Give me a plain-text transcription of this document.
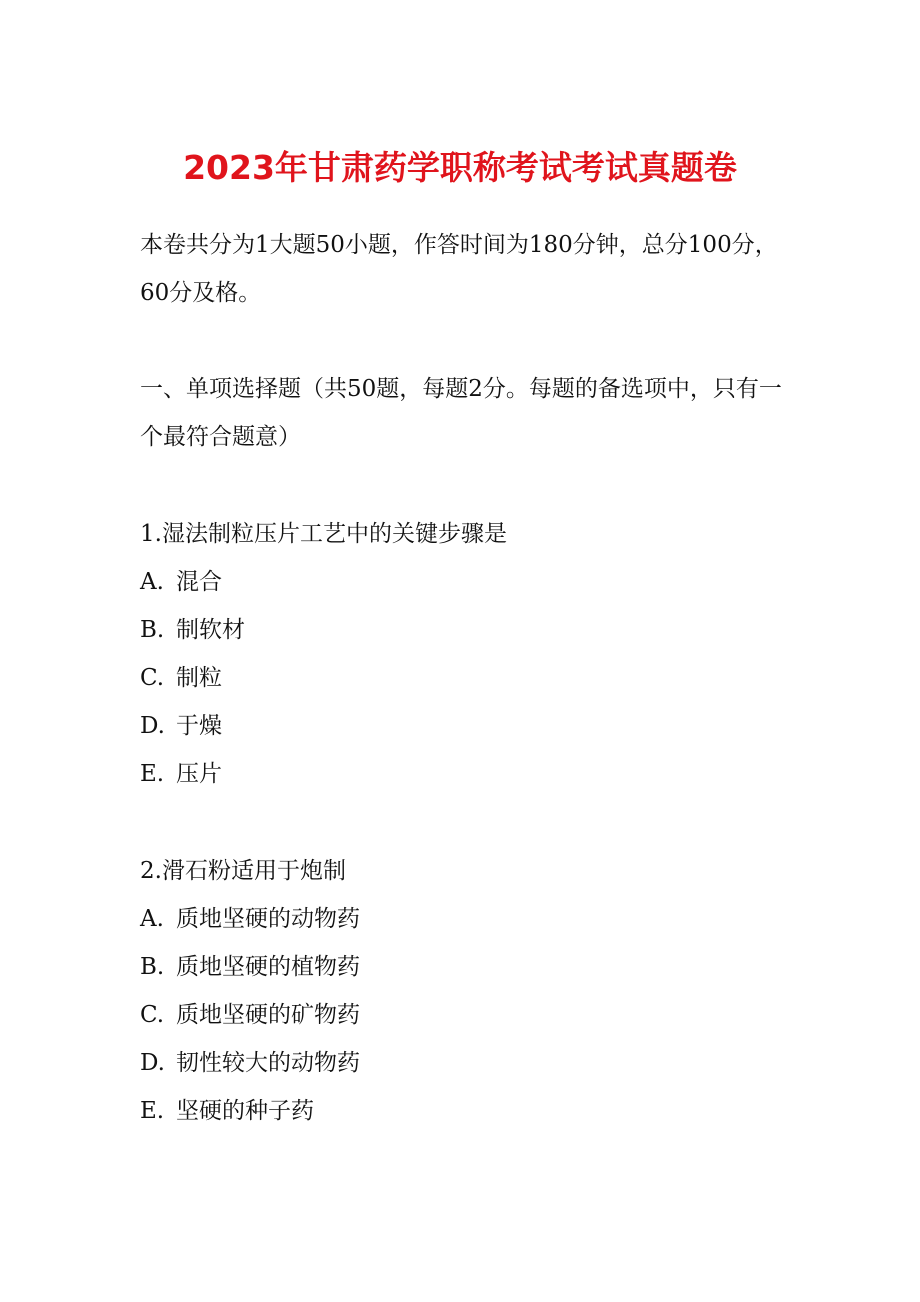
2023年甘肃药学职称考试考试真题卷

本卷共分为1大题50小题，作答时间为180分钟，总分100分，60分及格。

一、单项选择题（共50题，每题2分。每题的备选项中，只有一个最符合题意）

1.湿法制粒压片工艺中的关键步骤是

A. 混合

B. 制软材

C. 制粒

D. 于燥

E. 压片

2.滑石粉适用于炮制

A. 质地坚硬的动物药

B. 质地坚硬的植物药

C. 质地坚硬的矿物药

D. 韧性较大的动物药

E. 坚硬的种子药
